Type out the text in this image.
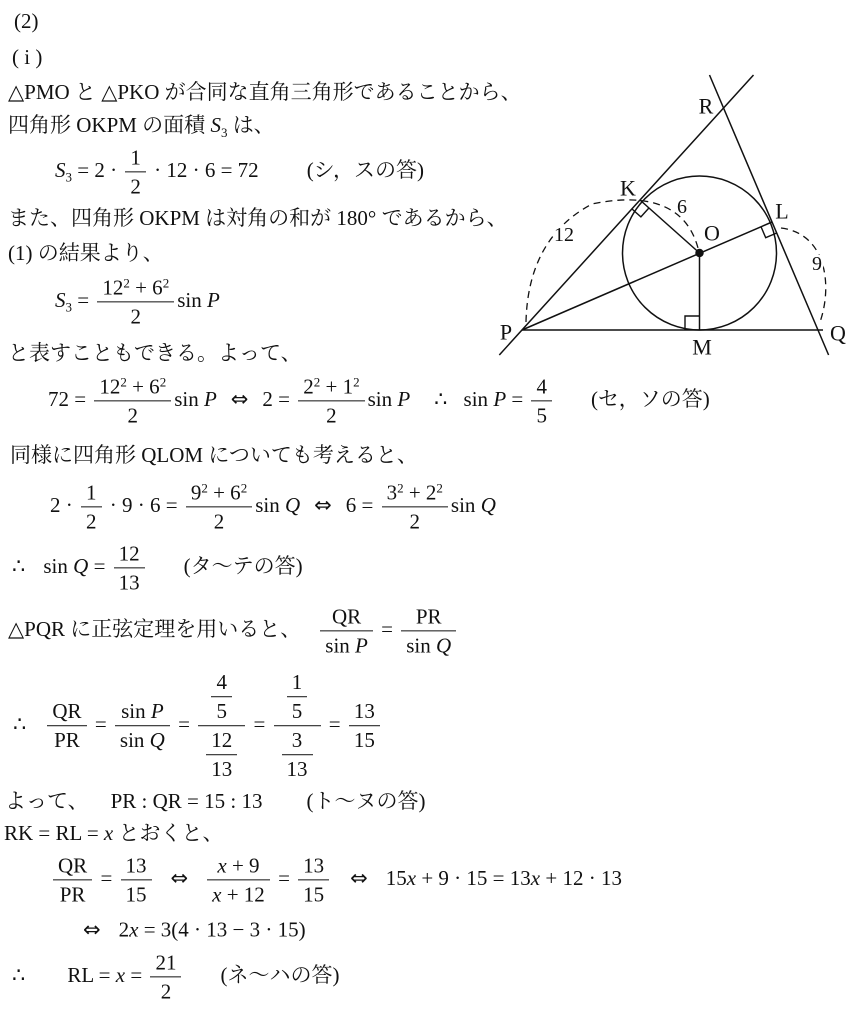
(2)
( i )
△PMO と △PKO が合同な直角三角形であることから、
四角形 OKPM の面積 $S_3$ は、
$S_3 = 2 \cdot \frac{1}{2} \cdot 12 \cdot 6 = 72$ (シ，スの答)
また、四角形 OKPM は対角の和が 180° であるから、
(1) の結果より、
$S_3 = \frac{12^2 + 6^2}{2}$ sin P
と表すこともできる。よって、
$72 = \frac{12^2 + 6^2}{2}$ sin P ⇔ $2 = \frac{2^2 + 1^2}{2}$ sin P ∴ $\sin P = \frac{4}{5}$ (セ，ソの答)
同様に四角形 QLOM についても考えると、
$2 \cdot \frac{1}{2} \cdot 9 \cdot 6 = \frac{9^2 + 6^2}{2}$ sin Q ⇔ $6 = \frac{3^2 + 2^2}{2}$ sin Q
∴ $\sin Q = \frac{12}{13}$ (タ～テの答)
△PQR に正弦定理を用いると、 $\frac{QR}{\text{sin P}} = \frac{PR}{\text{sin Q}}$
∴ $\frac{QR}{PR} = \frac{\text{sin P}}{\text{sin Q}} = \frac{\frac{4}{5}}{\frac{12}{13}} = \frac{\frac{1}{5}}{\frac{3}{13}} = \frac{13}{15}$
よって、 PR : QR = 15 : 13 (ト～ヌの答)
RK = RL = x とおくと、
$\frac{QR}{PR} = \frac{13}{15}$ ⇔ $\frac{x + 9}{x + 12} = \frac{13}{15}$ ⇔ 15x + 9 · 15 = 13x + 12 · 13
⇔ 2x = 3(4 · 13 − 3 · 15)
∴ RL = $x = \frac{21}{2}$ (ネ～ハの答)
R
P	Q
K
L
M
O
12
6
9
